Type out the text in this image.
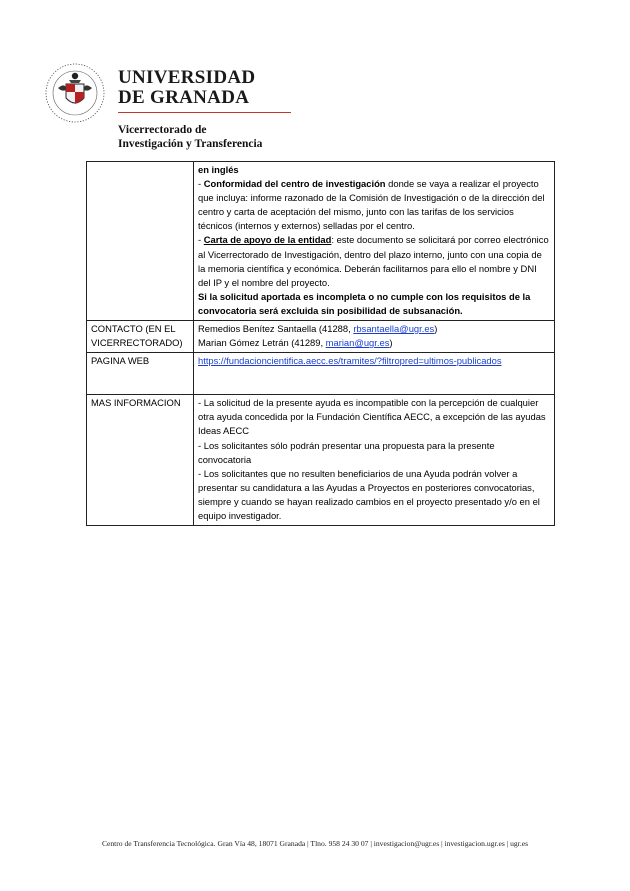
UNIVERSIDAD
DE GRANADA
Vicerrectorado de
Investigación y Transferencia

	en inglés
- Conformidad del centro de investigación donde se vaya a realizar el proyecto que incluya: informe razonado de la Comisión de Investigación o de la dirección del centro y carta de aceptación del mismo, junto con las tarifas de los servicios técnicos (internos y externos) selladas por el centro.
- Carta de apoyo de la entidad: este documento se solicitará por correo electrónico al Vicerrectorado de Investigación, dentro del plazo interno, junto con una copia de la memoria científica y económica. Deberán facilitarnos para ello el nombre y DNI del IP y el nombre del proyecto.
Si la solicitud aportada es incompleta o no cumple con los requisitos de la convocatoria será excluida sin posibilidad de subsanación.

CONTACTO (EN EL VICERRECTORADO)	Remedios Benítez Santaella (41288, rbsantaella@ugr.es)
Marian Gómez Letrán (41289, marian@ugr.es)

PAGINA WEB	https://fundacioncientifica.aecc.es/tramites/?filtropred=ultimos-publicados
MAS INFORMACION	- La solicitud de la presente ayuda es incompatible con la percepción de cualquier otra ayuda concedida por la Fundación Científica AECC, a excepción de las ayudas Ideas AECC
- Los solicitantes sólo podrán presentar una propuesta para la presente convocatoria
- Los solicitantes que no resulten beneficiarios de una Ayuda podrán volver a presentar su candidatura a las Ayudas a Proyectos en posteriores convocatorias, siempre y cuando se hayan realizado cambios en el proyecto presentado y/o en el equipo investigador.
Centro de Transferencia Tecnológica. Gran Vía 48, 18071 Granada | Tlno. 958 24 30 07 | investigacion@ugr.es | investigacion.ugr.es | ugr.es
